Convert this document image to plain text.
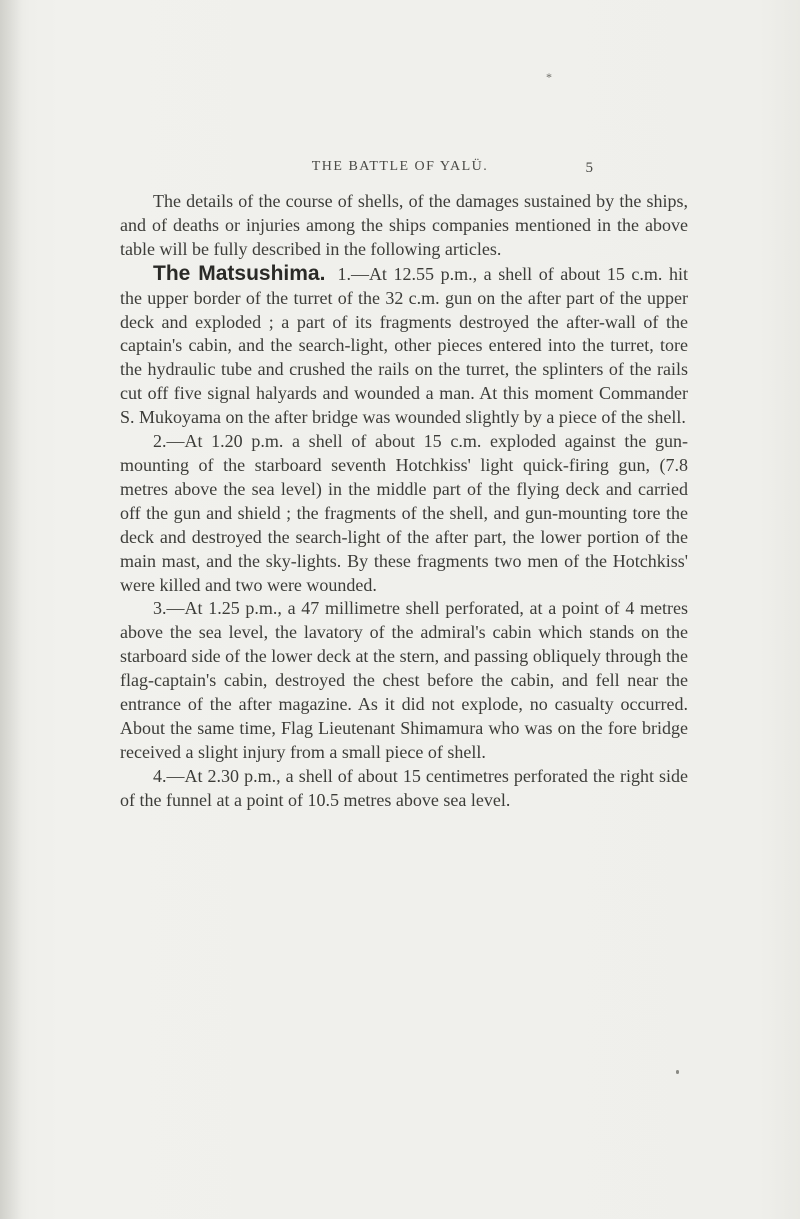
*
THE BATTLE OF YALÜ.	5

The details of the course of shells, of the damages sustained by the ships, and of deaths or injuries among the ships companies mentioned in the above table will be fully described in the following articles.

The Matsushima. 1.—At 12.55 p.m., a shell of about 15 c.m. hit the upper border of the turret of the 32 c.m. gun on the after part of the upper deck and exploded ; a part of its fragments destroyed the after-wall of the captain's cabin, and the search-light, other pieces entered into the turret, tore the hydraulic tube and crushed the rails on the turret, the splinters of the rails cut off five signal halyards and wounded a man. At this moment Commander S. Mukoyama on the after bridge was wounded slightly by a piece of the shell.

2.—At 1.20 p.m. a shell of about 15 c.m. exploded against the gun-mounting of the starboard seventh Hotchkiss' light quick-firing gun, (7.8 metres above the sea level) in the middle part of the flying deck and carried off the gun and shield ; the fragments of the shell, and gun-mounting tore the deck and destroyed the search-light of the after part, the lower portion of the main mast, and the sky-lights. By these fragments two men of the Hotchkiss' were killed and two were wounded.

3.—At 1.25 p.m., a 47 millimetre shell perforated, at a point of 4 metres above the sea level, the lavatory of the admiral's cabin which stands on the starboard side of the lower deck at the stern, and passing obliquely through the flag-captain's cabin, destroyed the chest before the cabin, and fell near the entrance of the after magazine. As it did not explode, no casualty occurred. About the same time, Flag Lieutenant Shimamura who was on the fore bridge received a slight injury from a small piece of shell.

4.—At 2.30 p.m., a shell of about 15 centimetres perforated the right side of the funnel at a point of 10.5 metres above sea level.
